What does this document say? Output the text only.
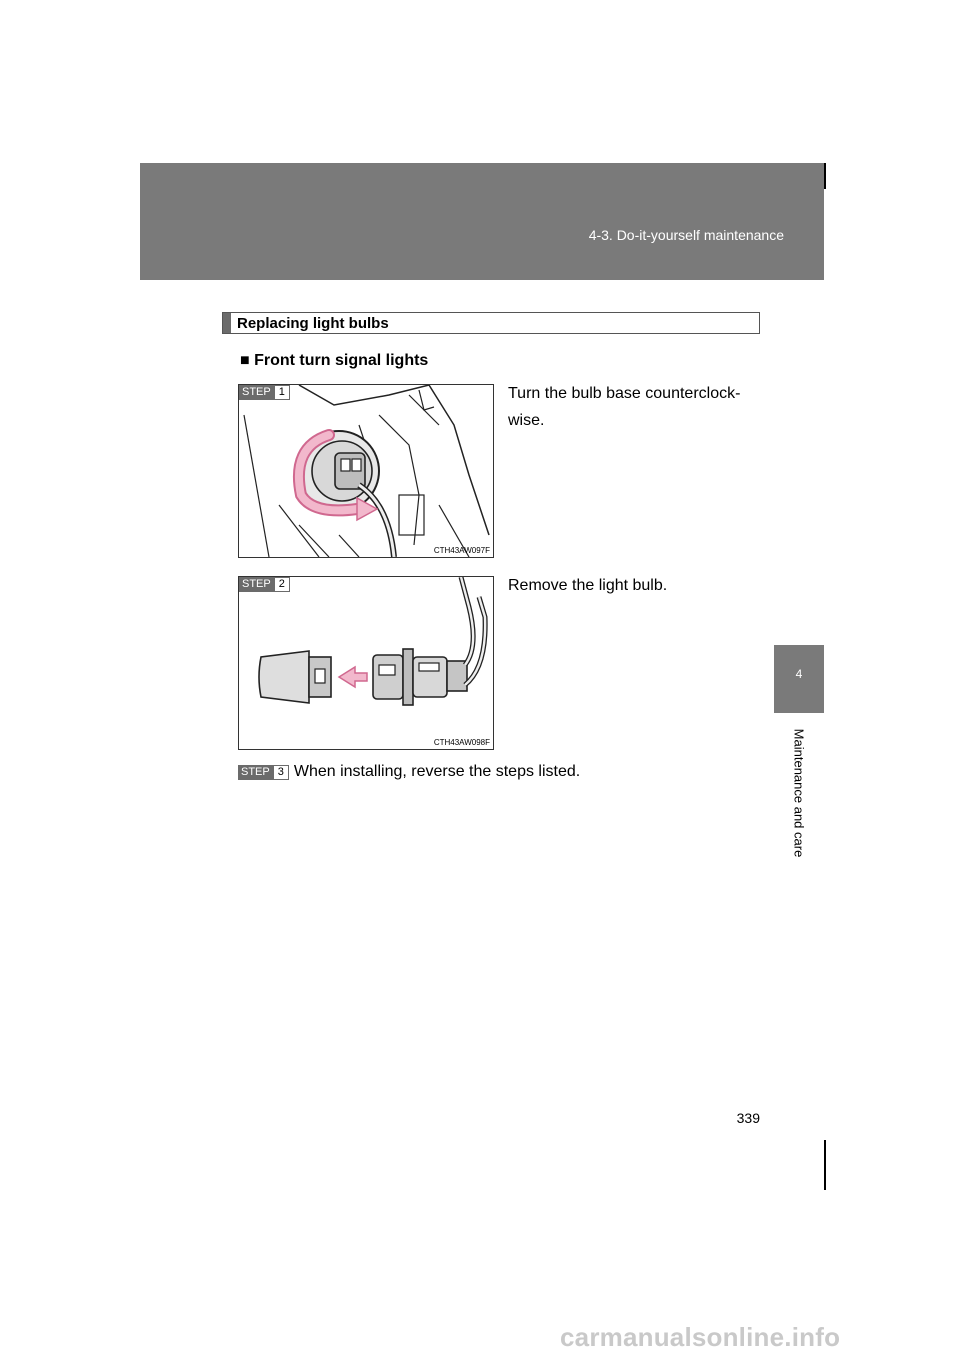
4-3. Do-it-yourself maintenance
4
Maintenance and care
339
Replacing light bulbs
■ Front turn signal lights
STEP 1
CTH43AW097F
Turn the bulb base counterclock-wise.
STEP 2
CTH43AW098F
Remove the light bulb.
STEP 3 When installing, reverse the steps listed.
carmanualsonline.info
